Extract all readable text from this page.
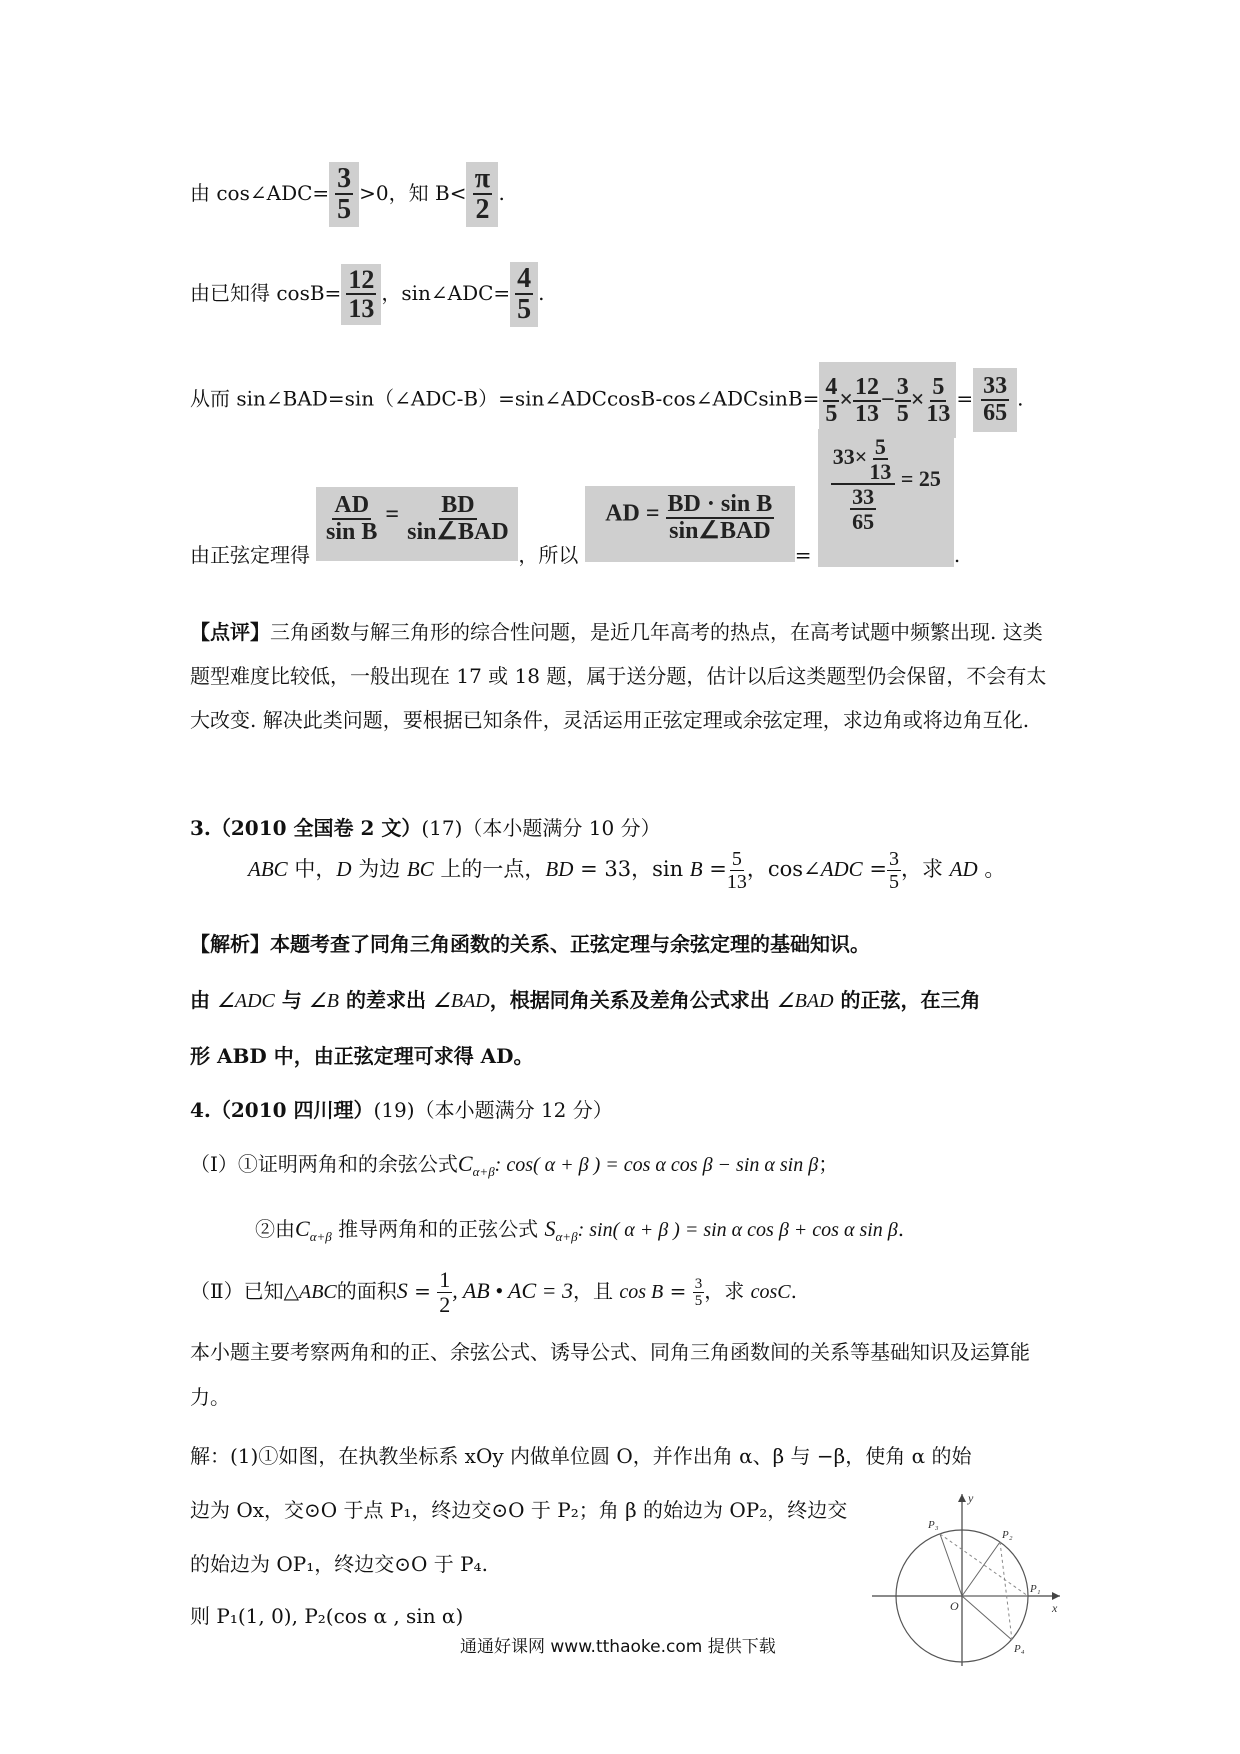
由 cos∠ADC= $\frac{3}{5} >0$，知 $B< \frac{\pi}{2}$ .
由已知得 $\cos B= \frac{12}{13}$ ，sin∠ADC= $\frac{4}{5}$ .
从而 sin∠BAD=sin（∠ADC-B）=sin∠ADCcosB-cos∠ADCsinB= $\frac{4}{5} \times \frac{12}{13} - \frac{3}{5} \times \frac{5}{13} = \frac{33}{65}$ .
由正弦定理得
$\frac{AD}{\text{sin B}} = \frac{BD}{\text{sin∠BAD}}$
，所以 AD = $\frac{\text{BD · sin B}}{\text{sin∠BAD}}$
=
$\frac{33\times \frac{5}{13}}{\frac{33}{65}} = 25$.
【点评】三角函数与解三角形的综合性问题，是近几年高考的热点，在高考试题中频繁出现. 这类题型难度比较低，一般出现在 17 或 18 题，属于送分题，估计以后这类题型仍会保留，不会有太大改变. 解决此类问题，要根据已知条件，灵活运用正弦定理或余弦定理，求边角或将边角互化.
3.（2010 全国卷 2 文）(17)（本小题满分 10 分）
ABC 中，D 为边 BC 上的一点，BD = 33，$\sin B = \frac{5}{13}$ ，cos∠ADC = $\frac{3}{5}$ ，求 AD 。
【解析】本题考查了同角三角函数的关系、正弦定理与余弦定理的基础知识。
由 ∠ADC 与 ∠B 的差求出 ∠BAD，根据同角关系及差角公式求出 ∠BAD 的正弦，在三角
形 ABD 中，由正弦定理可求得 AD。
4.（2010 四川理）(19)（本小题满分 12 分）
（Ⅰ）①证明两角和的余弦公式$C_{\alpha+\beta}$: cos( α + β ) = cos α cos β − sin α sin β；
②由$C_{\alpha+\beta}$ 推导两角和的正弦公式 $S_{\alpha+\beta}$: sin( α + β ) = sin α cos β + cos α sin β.
（Ⅱ）已知△ABC的面积$S = \frac{1}{2}$ , AB • AC = 3，且 $\cos B = \frac{3}{5}$ ，求 cosC.
本小题主要考察两角和的正、余弦公式、诱导公式、同角三角函数间的关系等基础知识及运算能力。
解：(1)①如图，在执教坐标系 xOy 内做单位圆 O，并作出角 α、β 与 −β，使角 α 的始
边为 Ox，交⊙O 于点 P₁，终边交⊙O 于 P₂；角 β 的始边为 OP₂，终边交
的始边为 OP₁，终边交⊙O 于 P₄.
则 P₁(1, 0), P₂(cos α , sin α)
y
x
O
P₁
P₂
P₃
P₄
通通好课网 www.tthaoke.com 提供下载
